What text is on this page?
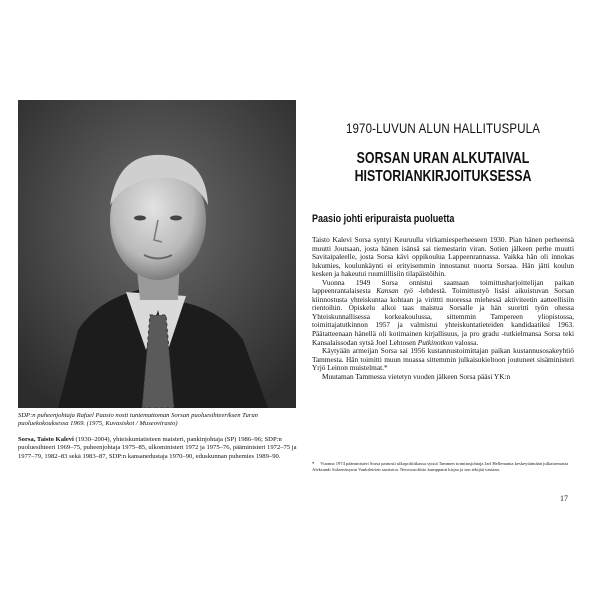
SDP:n puheenjohtaja Rafael Paasio nosti tuntemattoman Sorsan puoluesihteeriksen Turun puoluekokouksessa 1969. (1975, Kuvasiskot / Museovirasto)
Sorsa, Taisto Kalevi (1930–2004), yhteiskuntatieteen maisteri, pankinjohtaja (SP) 1986–96; SDP:n puoluesihteeri 1969–75, puheenjohtaja 1975–85, ulkoministeri 1972 ja 1975–76, pääministeri 1972–75 ja 1977–79, 1982–83 sekä 1983–87, SDP:n kansanedustaja 1970–90, eduskunnan puhemies 1989–90.
1970-LUVUN ALUN HALLITUSPULA
SORSAN URAN ALKUTAIVAL
HISTORIANKIRJOITUKSESSA
Paasio johti eripuraista puoluetta

Taisto Kalevi Sorsa syntyi Keuruulla virkamiesperheeseen 1930. Pian hänen perheensä muutti Joutsaan, josta hänen isänsä sai tiemestarin viran. Sotien jälkeen perhe muutti Savitaipaleelle, josta Sorsa kävi oppikoulua Lappeenrannassa. Vaikka hän oli innokas lukumies, koulunkäynti ei erityisemmin innostanut nuorta Sorsaa. Hän jätti koulun kesken ja hakeutui ruumiillisiin tilapäistöihin.

Vuonna 1949 Sorsa onnistui saamaan toimittusharjoittelijan paikan lappeenrantalaisesta Kansan työ -lehdestä. Toimittustyö lisäsi aikuistuvan Sorsan kiinnostusta yhteiskuntaa kohtaan ja virittti nuoressa miehessä aktiviteetin aatteellisiin rientoihin. Opiskelu alkoi taas maistua Sorsalle ja hän suoritti työn ohessa Yhteiskunnallisessa korkeakoulussa, sittemmin Tampereen yliopistossa, toimittajatutkinnon 1957 ja valmistui yhteiskuntatieteiden kandidaatiksi 1963. Päätatteenaan hänellä oli kotimainen kirjallisuus, ja pro gradu -tutkielmansa Sorsa teki Kansalaissodan sytsä Joel Lehtosen Putkinotkon valossa.

Käytyään armeijan Sorsa sai 1956 kustannustoimittajan paikan kustannusosakeyhtiö Tammesta. Hän toimitti muun muassa sittemmin julkaisukieltoon joutuneet sisäministeri Yrjö Leinon muistelmat.*

Muutaman Tammessa vietetyn vuoden jälkeen Sorsa pääsi YK:n

* Vuonna 1974 pääministeri Sorsa painosti ulkopolitiikassa syistä Tammen toimitusjohtaja Jarl Hellemania keskeyttämään julkaisemasta Aleksandr Solzenitsynin Vankileirien saaristoa. Neuvostoliitto kumppanit kirjaa ja sen tekijää vastaan.
17
